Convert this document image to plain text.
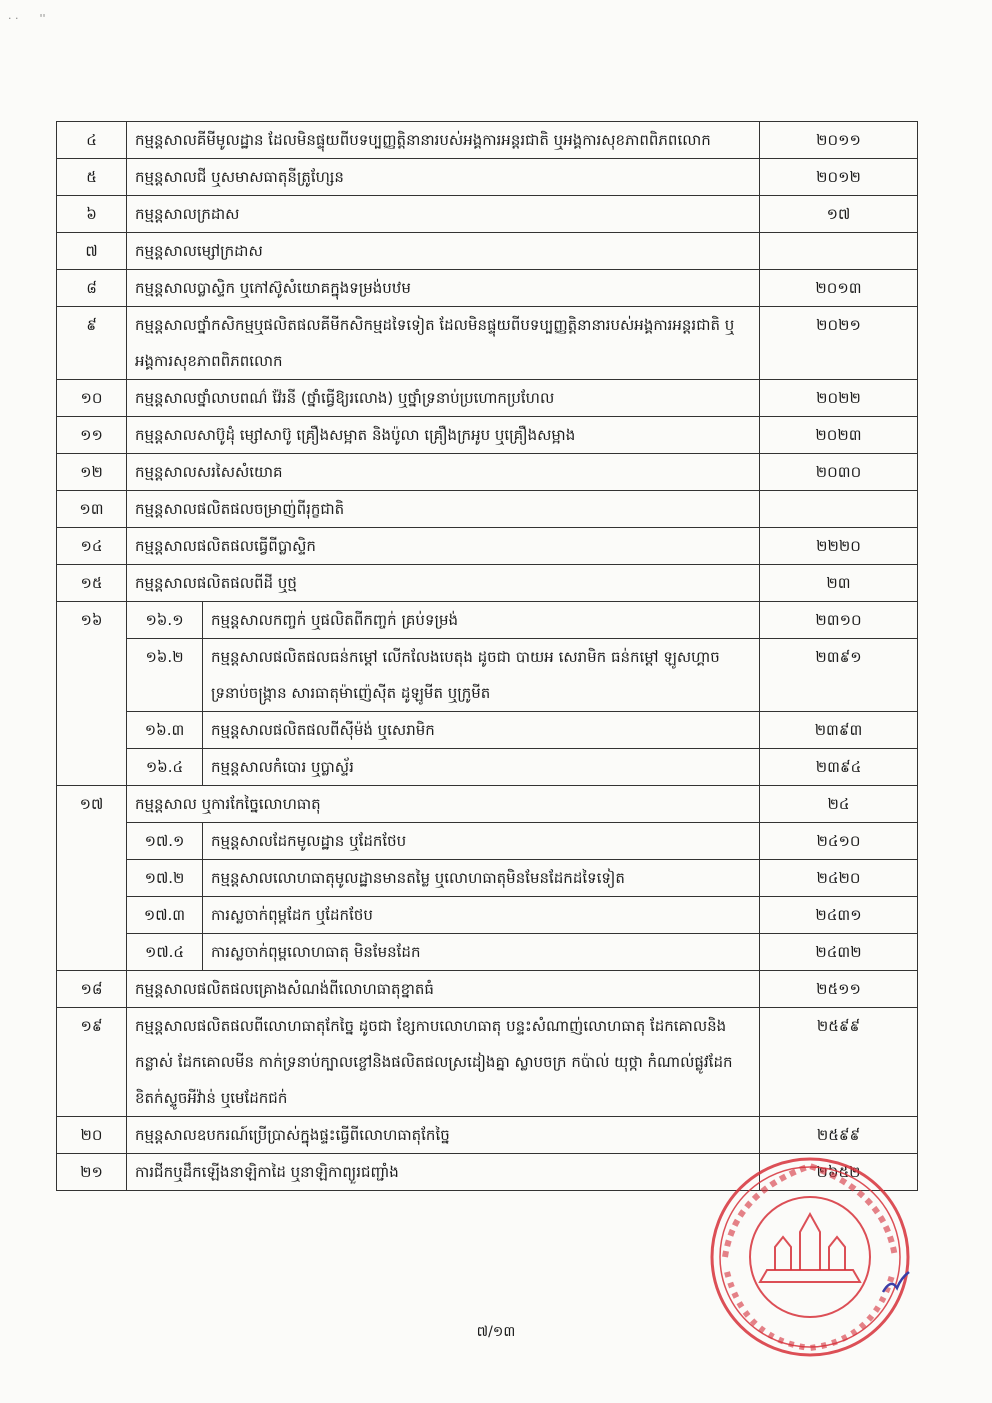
· ·      ''

៤	កម្មន្តសាលគីមីមូលដ្ឋាន ដែលមិនផ្ទុយពីបទប្បញ្ញត្តិនានារបស់អង្គការអន្តរជាតិ ឬអង្គការសុខភាពពិភពលោក		២០១១
៥	កម្មន្តសាលជី ឬសមាសធាតុនីត្រូហ្សែន		២០១២
៦	កម្មន្តសាលក្រដាស		១៧
៧	កម្មន្តសាលម្សៅក្រដាស		
៨	កម្មន្តសាលប្លាស្ទិក ឬកៅស៊ូសំយោគក្នុងទម្រង់បឋម		២០១៣
៩	កម្មន្តសាលថ្នាំកសិកម្មឬផលិតផលគីមីកសិកម្មដទៃទៀត ដែលមិនផ្ទុយពីបទប្បញ្ញត្តិនានារបស់អង្គការអន្តរជាតិ ឬអង្គការសុខភាពពិភពលោក		២០២១
១០	កម្មន្តសាលថ្នាំលាបពណ៌ វ៉ែរនី (ថ្នាំធ្វើឱ្យរលោង) ឬថ្នាំទ្រនាប់ប្រហោកប្រហែល		២០២២
១១	កម្មន្តសាលសាប៊ូដុំ ម្សៅសាប៊ូ គ្រឿងសម្អាត និងប៉ូលា គ្រឿងក្រអូប ឬគ្រឿងសម្អាង		២០២៣
១២	កម្មន្តសាលសរសៃសំយោគ		២០៣០
១៣	កម្មន្តសាលផលិតផលចម្រាញ់ពីរុក្ខជាតិ		
១៤	កម្មន្តសាលផលិតផលធ្វើពីប្លាស្ទិក		២២២០
១៥	កម្មន្តសាលផលិតផលពីដី ឬថ្ម		២៣
១៦	១៦.១	កម្មន្តសាលកញ្ចក់ ឬផលិតពីកញ្ចក់ គ្រប់ទម្រង់	២៣១០
	១៦.២	កម្មន្តសាលផលិតផលធន់កម្ដៅ លើកលែងបេតុង ដូចជា បាយអ សេរាមិក ធន់កម្ដៅ ឡូសហ្គាច ទ្រនាប់ចង្ក្រាន សារធាតុម៉ាញ៉េស៊ីត ដូឡូមីត ឬក្រូមីត	២៣៩១
	១៦.៣	កម្មន្តសាលផលិតផលពីស៊ីម៉ង់ ឬសេរាមិក	២៣៩៣
	១៦.៤	កម្មន្តសាលកំបោរ ឬប្លាស្ទ័រ	២៣៩៤
១៧	កម្មន្តសាល ឬការកែច្នៃលោហធាតុ		២៤
	១៧.១	កម្មន្តសាលដែកមូលដ្ឋាន ឬដែកថែប	២៤១០
	១៧.២	កម្មន្តសាលលោហធាតុមូលដ្ឋានមានតម្លៃ ឬលោហធាតុមិនមែនដែកដទៃទៀត	២៤២០
	១៧.៣	ការស្លចាក់ពុម្ពដែក ឬដែកថែប	២៤៣១
	១៧.៤	ការស្លចាក់ពុម្ពលោហធាតុ មិនមែនដែក	២៤៣២
១៨	កម្មន្តសាលផលិតផលគ្រោងសំណង់ពីលោហធាតុខ្នាតធំ		២៥១១
១៩	កម្មន្តសាលផលិតផលពីលោហធាតុកែច្នៃ ដូចជា ខ្សែកាបលោហធាតុ បន្ទះសំណាញ់លោហធាតុ ដែកគោលនិងកន្លាស់ ដែកគោលមីន កាក់ទ្រនាប់ក្បាលខ្ចៅនិងផលិតផលស្រដៀងគ្នា ស្លាបចក្រ កប៉ាល់ យុថ្កា កំណាល់ផ្លូវដែក ខិតក់ស្ទូចអីវ៉ាន់ ឬមេដែកជក់		២៥៩៩
២០	កម្មន្តសាលឧបករណ៍ប្រើប្រាស់ក្នុងផ្ទះធ្វើពីលោហធាតុកែច្នៃ		២៥៩៩
២១	ការជីកឬដឹកឡើងនាឡិកាដៃ ឬនាឡិកាព្យួរជញ្ជាំង		២៦៥២
៧/១៣
